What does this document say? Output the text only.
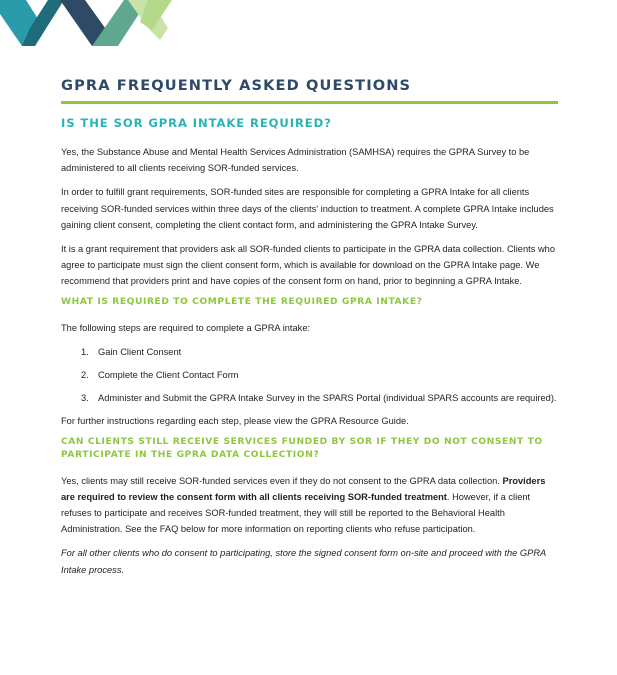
GPRA FREQUENTLY ASKED QUESTIONS
IS THE SOR GPRA INTAKE REQUIRED?

Yes, the Substance Abuse and Mental Health Services Administration (SAMHSA) requires the GPRA Survey to be administered to all clients receiving SOR-funded services.

In order to fulfill grant requirements, SOR-funded sites are responsible for completing a GPRA Intake for all clients receiving SOR-funded services within three days of the clients' induction to treatment. A complete GPRA Intake includes gaining client consent, completing the client contact form, and administering the GPRA Intake Survey.

It is a grant requirement that providers ask all SOR-funded clients to participate in the GPRA data collection. Clients who agree to participate must sign the client consent form, which is available for download on the GPRA Intake page. We recommend that providers print and have copies of the consent form on hand, prior to beginning a GPRA Intake.

WHAT IS REQUIRED TO COMPLETE THE REQUIRED GPRA INTAKE?

The following steps are required to complete a GPRA intake:

1. Gain Client Consent
2. Complete the Client Contact Form
3. Administer and Submit the GPRA Intake Survey in the SPARS Portal (individual SPARS accounts are required).

For further instructions regarding each step, please view the GPRA Resource Guide.

CAN CLIENTS STILL RECEIVE SERVICES FUNDED BY SOR IF THEY DO NOT CONSENT TO PARTICIPATE IN THE GPRA DATA COLLECTION?

Yes, clients may still receive SOR-funded services even if they do not consent to the GPRA data collection. Providers are required to review the consent form with all clients receiving SOR-funded treatment. However, if a client refuses to participate and receives SOR-funded treatment, they will still be reported to the Behavioral Health Administration. See the FAQ below for more information on reporting clients who refuse participation.

For all other clients who do consent to participating, store the signed consent form on-site and proceed with the GPRA Intake process.
